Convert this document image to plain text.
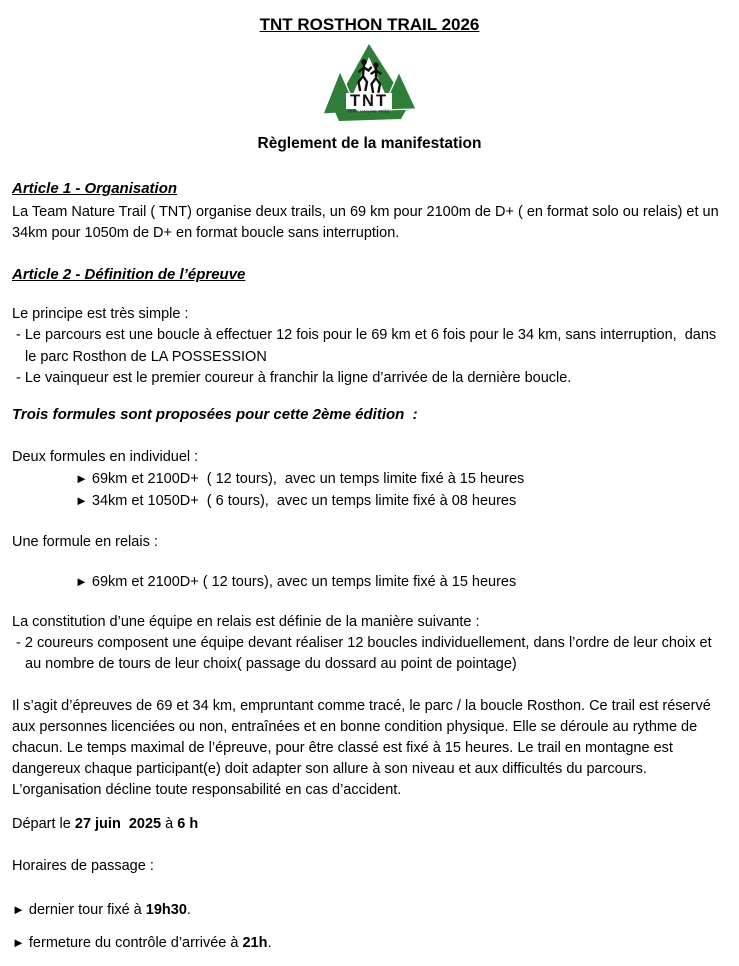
TNT ROSTHON TRAIL 2026
TNT
TEAM NATURE TRAIL
Règlement de la manifestation
Article 1 - Organisation

La Team Nature Trail ( TNT) organise deux trails, un 69 km pour 2100m de D+ ( en format solo ou relais) et un 34km pour 1050m de D+ en format boucle sans interruption.

Article 2 - Définition de l’épreuve

Le principe est très simple :

- Le parcours est une boucle à effectuer 12 fois pour le 69 km et 6 fois pour le 34 km, sans interruption,  dans le parc Rosthon de LA POSSESSION
- Le vainqueur est le premier coureur à franchir la ligne d’arrivée de la dernière boucle.
Trois formules sont proposées pour cette 2ème édition  :

Deux formules en individuel :

► 69km et 2100D+  ( 12 tours),  avec un temps limite fixé à 15 heures
► 34km et 1050D+  ( 6 tours),  avec un temps limite fixé à 08 heures

Une formule en relais :

► 69km et 2100D+ ( 12 tours), avec un temps limite fixé à 15 heures

La constitution d’une équipe en relais est définie de la manière suivante :

- 2 coureurs composent une équipe devant réaliser 12 boucles individuellement, dans l’ordre de leur choix et au nombre de tours de leur choix( passage du dossard au point de pointage)

Il s’agit d’épreuves de 69 et 34 km, empruntant comme tracé, le parc / la boucle Rosthon. Ce trail est réservé aux personnes licenciées ou non, entraînées et en bonne condition physique. Elle se déroule au rythme de chacun. Le temps maximal de l’épreuve, pour être classé est fixé à 15 heures. Le trail en montagne est dangereux chaque participant(e) doit adapter son allure à son niveau et aux difficultés du parcours. L’organisation décline toute responsabilité en cas d’accident.

Départ le 27 juin  2025 à 6 h

Horaires de passage :

► dernier tour fixé à 19h30.
► fermeture du contrôle d’arrivée à 21h.
